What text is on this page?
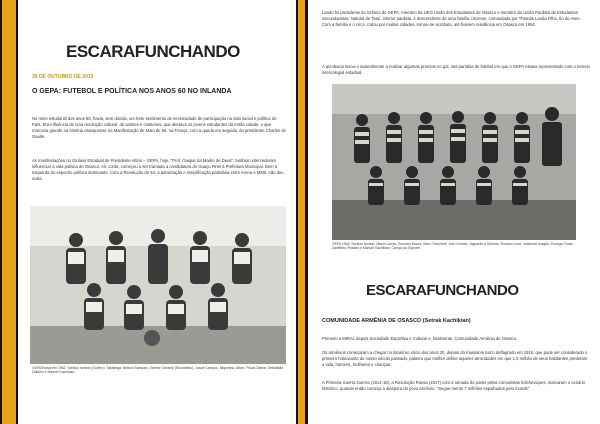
ESCARAFUNCHANDO
26 DE OUTUBRO DE 2015
O GEPA: FUTEBOL E POLÍTICA NOS ANOS 60 NO INLANDA
No meio estudantil dos anos 60, havia, sem dúvida, um forte sentimento de necessidade de participação na vida social e política do País. Era influência de uma revolução cultural, de valores e costumes, que alertava os jovens estudantes da então cidade, o que marcaria grande na história osasquense na Manifestação de Maio de 68, na França, com a queda em seguida, do presidente Charles de Gaulle.
As manifestações no Ginásio Estadual de Presidente Altino – GEPA, hoje, "Prof. Gaspar da Madre de Deus", também intercederam influenciar a vida política de Osasco. Ali, conta, começou a ser tramada a candidatura do Guaçu Pinel à Prefeitura Municipal. Bem à esquerda do espectro político dominante. Com a Revolução de 64, a polarização e simplificação partidária entre Arena e MDB, não deu outra.
GEPA/Futsal em 1962. Sentido horário (Goleiro): Tabatinga, Nelson Sampaio, Vicente Gerandi (Ricardinho), Josué Campos, Miquelino, Ailton. Fiscal Osmar. Sebastião Galdino e Manoel Kachikian.
Lando foi presidente do Grêmio do GEPA, membro da UEO União dos Estudantes de Osasco e membro da União Paulista de Estudantes Secundaristas. Natural de Tatuí, interior paulista, é descendente de uma família circense, comandada por Thomás Landa Filho, tio do Asec. Com a família e o circo, rodou por muitas cidades, tornou-se acrobata, até fixarem residência em Osasco em 1954.
A acrobacia levou-o naturalmente a realizar algumas proezas no gol, nas partidas de futebol em que o GEPA estava representado com o torneio intercolegial estadual.
GEPA 1962: Sentido horário: Nilson Landa, Tomotho Moura, Artur Chiochetti, Júlio Gomes, Jaguarão e Roberto. Rosário Lima, Valdemar Aragão, Zorrega, Rossi Zanfellini, Rosário e Manuel Kachikian. Campo do Esporte.
ESCARAFUNCHANDO
COMUNIDADE ARMÊNIA DE OSASCO (Setrak Kachikian)
Primeiro a MIRAL depois Sociedade Esportiva e Cultural e, finalmente, Comunidade Armênia de Osasco.
Os armênios começaram a chegar no Brasil no início dos anos 20, depois do massacre turco deflagrado em 1915, que pode ser considerado o primeiro holocausto do nosso século passado, palavra que melhor define aqueles atrocidades em que 1,5 milhão de seus habitantes perderam a vida, homens, mulheres e crianças.
A Primeira Guerra Guerra (1914-18), a Revolução Russa (1917) com a tomada do poder pelos comunistas bolcheviques, marcaram o cenário histórico, quando então começa a diáspora do povo armênio. "Segue mentir 7 milhões espalhados pelo mundo".
